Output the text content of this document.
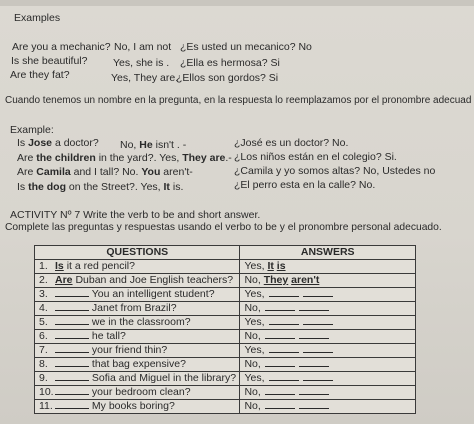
Examples
Are you a mechanic? No, I am not ¿Es usted un mecanico? No
Is she beautiful? Yes, she is . ¿Ella es hermosa? Si
Are they fat?	Yes, They are.
¿Ellos son gordos? Si
Cuando tenemos un nombre en la pregunta, en la respuesta lo reemplazamos por el pronombre adecuad
Example:
Is Jose a doctor? No, He isn't . -	¿José es un doctor? No.
Are the children in the yard?. Yes, They are.- ¿Los niños están en el colegio? Si.
Are Camila and I tall? No. You aren't-	¿Camila y yo somos altas? No, Ustedes no
Is the dog on the Street?. Yes, It is.	¿El perro esta en la calle? No.
ACTIVITY Nº 7 Write the verb to be and short answer.
Complete las preguntas y respuestas usando el verbo to be y el pronombre personal adecuado.
QUESTIONS	ANSWERS
1. Is it a red pencil?	Yes, It is
2. Are Duban and Joe English teachers?	No, They aren't
3. You an intelligent student?	Yes,
4. Janet from Brazil?	No,
5. we in the classroom?	Yes,
6. he tall?	No,
7. your friend thin?	Yes,
8. that bag expensive?	No,
9. Sofia and Miguel in the library?	Yes,
10. your bedroom clean?	No,
11. My books boring?	No,
